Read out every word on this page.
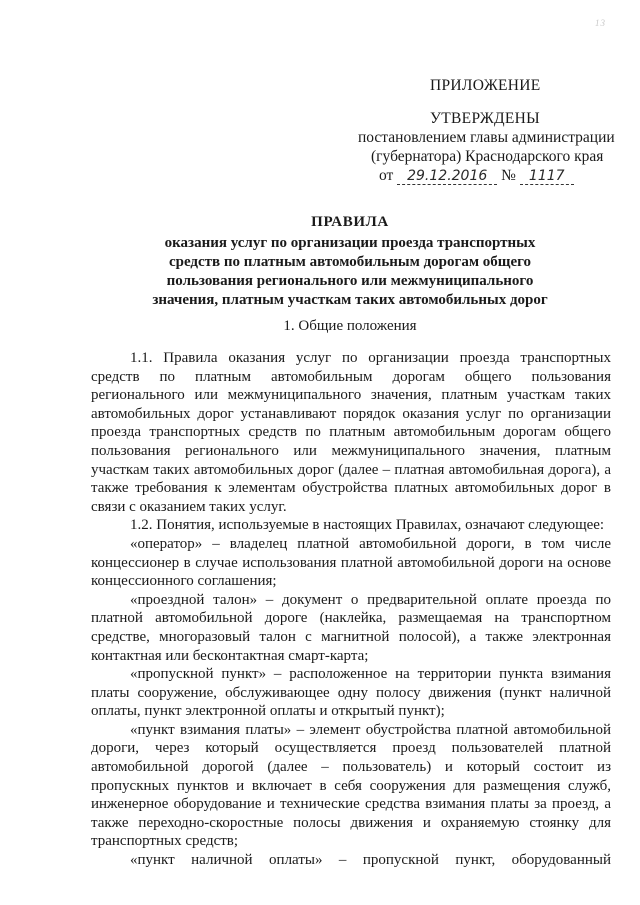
13
ПРИЛОЖЕНИЕ
УТВЕРЖДЕНЫ
постановлением главы администрации
(губернатора) Краснодарского края
от 29.12.2016 № 1117
ПРАВИЛА
оказания услуг по организации проезда транспортных
средств по платным автомобильным дорогам общего
пользования регионального или межмуниципального
значения, платным участкам таких автомобильных дорог
1. Общие положения

1.1. Правила оказания услуг по организации проезда транспортных средств по платным автомобильным дорогам общего пользования регионального или межмуниципального значения, платным участкам таких автомобильных дорог устанавливают порядок оказания услуг по организации проезда транспортных средств по платным автомобильным дорогам общего пользования регионального или межмуниципального значения, платным участкам таких автомобильных дорог (далее – платная автомобильная дорога), а также требования к элементам обустройства платных автомобильных дорог в связи с оказанием таких услуг.

1.2. Понятия, используемые в настоящих Правилах, означают следующее:

«оператор» – владелец платной автомобильной дороги, в том числе концессионер в случае использования платной автомобильной дороги на основе концессионного соглашения;

«проездной талон» – документ о предварительной оплате проезда по платной автомобильной дороге (наклейка, размещаемая на транспортном средстве, многоразовый талон с магнитной полосой), а также электронная контактная или бесконтактная смарт-карта;

«пропускной пункт» – расположенное на территории пункта взимания платы сооружение, обслуживающее одну полосу движения (пункт наличной оплаты, пункт электронной оплаты и открытый пункт);

«пункт взимания платы» – элемент обустройства платной автомобильной дороги, через который осуществляется проезд пользователей платной автомобильной дорогой (далее – пользователь) и который состоит из пропускных пунктов и включает в себя сооружения для размещения служб, инженерное оборудование и технические средства взимания платы за проезд, а также переходно-скоростные полосы движения и охраняемую стоянку для транспортных средств;

«пункт наличной оплаты» – пропускной пункт, оборудованный
